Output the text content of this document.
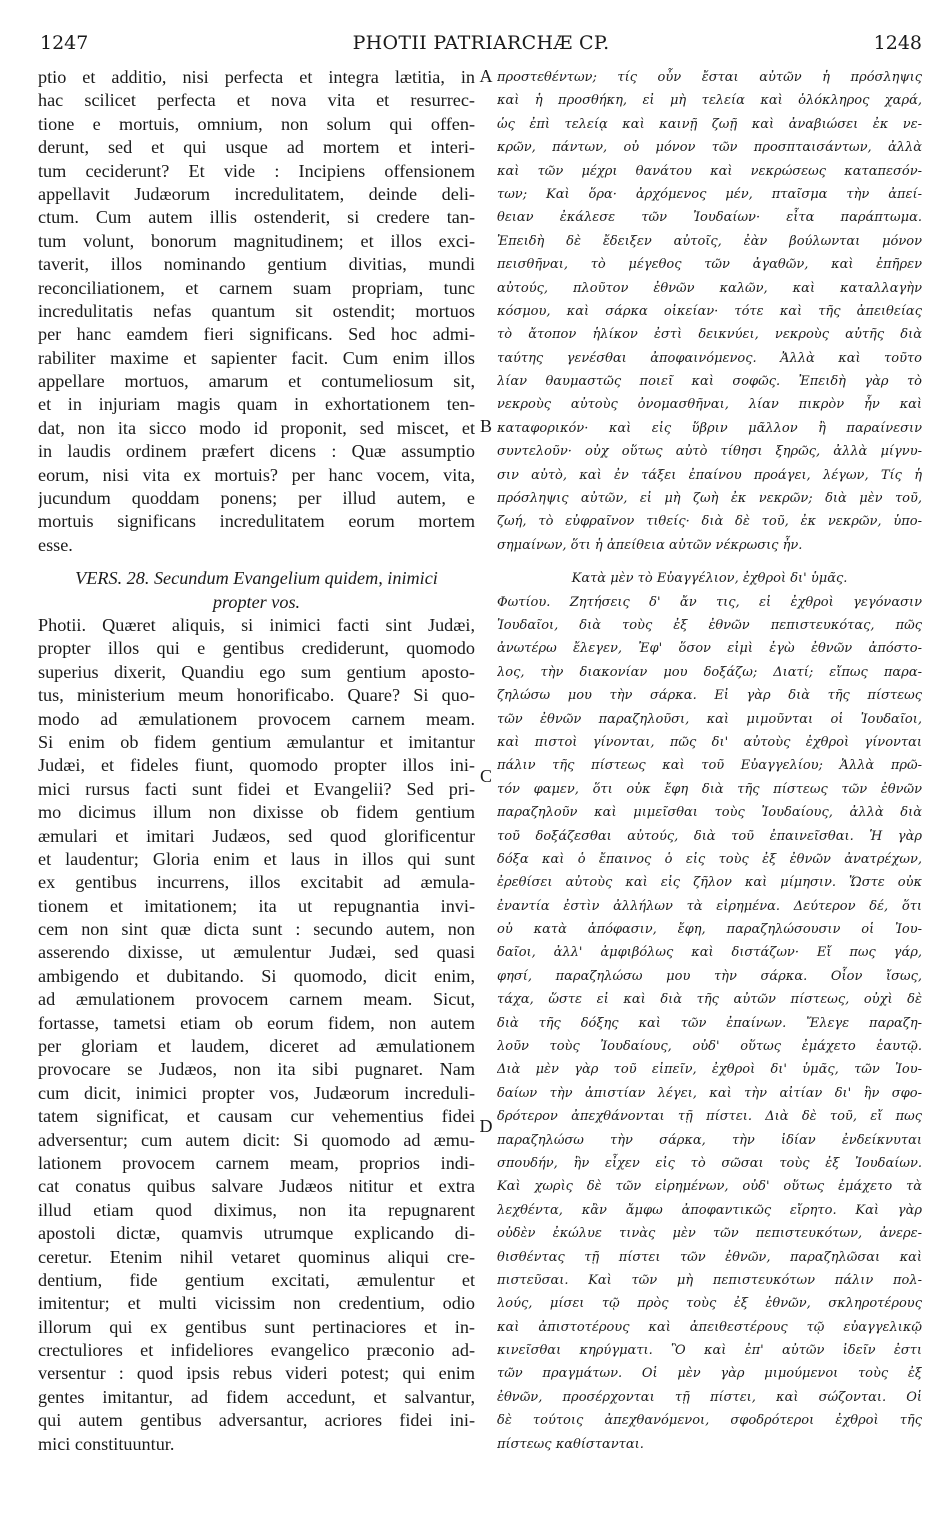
1247	PHOTII PATRIARCHÆ CP.	1248
ptio et additio, nisi perfecta et integra lætitia, in
hac scilicet perfecta et nova vita et resurrec-
tione e mortuis, omnium, non solum qui offen-
derunt, sed et qui usque ad mortem et interi-
tum ceciderunt? Et vide : Incipiens offensionem
appellavit Judæorum incredulitatem, deinde deli-
ctum. Cum autem illis ostenderit, si credere tan-
tum volunt, bonorum magnitudinem; et illos exci-
taverit, illos nominando gentium divitias, mundi
reconciliationem, et carnem suam propriam, tunc
incredulitatis nefas quantum sit ostendit; mortuos
per hanc eamdem fieri significans. Sed hoc admi-
rabiliter maxime et sapienter facit. Cum enim illos
appellare mortuos, amarum et contumeliosum sit,
et in injuriam magis quam in exhortationem ten-
dat, non ita sicco modo id proponit, sed miscet, et
in laudis ordinem præfert dicens : Quæ assumptio
eorum, nisi vita ex mortuis? per hanc vocem, vita,
jucundum quoddam ponens; per illud autem, e
mortuis significans incredulitatem eorum mortem
esse.
VERS. 28. Secundum Evangelium quidem, inimici
propter vos.
Photii. Quæret aliquis, si inimici facti sint Judæi,
propter illos qui e gentibus crediderunt, quomodo
superius dixerit, Quandiu ego sum gentium aposto-
tus, ministerium meum honorificabo. Quare? Si quo-
modo ad æmulationem provocem carnem meam.
Si enim ob fidem gentium æmulantur et imitantur
Judæi, et fideles fiunt, quomodo propter illos ini-
mici rursus facti sunt fidei et Evangelii? Sed pri-
mo dicimus illum non dixisse ob fidem gentium
æmulari et imitari Judæos, sed quod glorificentur
et laudentur; Gloria enim et laus in illos qui sunt
ex gentibus incurrens, illos excitabit ad æmula-
tionem et imitationem; ita ut repugnantia invi-
cem non sint quæ dicta sunt : secundo autem, non
asserendo dixisse, ut æmulentur Judæi, sed quasi
ambigendo et dubitando. Si quomodo, dicit enim,
ad æmulationem provocem carnem meam. Sicut,
fortasse, tametsi etiam ob eorum fidem, non autem
per gloriam et laudem, diceret ad æmulationem
provocare se Judæos, non ita sibi pugnaret. Nam
cum dicit, inimici propter vos, Judæorum increduli-
tatem significat, et causam cur vehementius fidei
adversentur; cum autem dicit: Si quomodo ad æmu-
lationem provocem carnem meam, proprios indi-
cat conatus quibus salvare Judæos nititur et extra
illud etiam quod diximus, non ita repugnarent
apostoli dictæ, quamvis utrumque explicando di-
ceretur. Etenim nihil vetaret quominus aliqui cre-
dentium, fide gentium excitati, æmulentur et
imitentur; et multi vicissim non credentium, odio
illorum qui ex gentibus sunt pertinaciores et in-
crectuliores et infideliores evangelico præconio ad-
versentur : quod ipsis rebus videri potest; qui enim
gentes imitantur, ad fidem accedunt, et salvantur,
qui autem gentibus adversantur, acriores fidei ini-
mici constituuntur.
προστεθέντων; τίς οὖν ἔσται αὐτῶν ἡ πρόσληψις
καὶ ἡ προσθήκη, εἰ μὴ τελεία καὶ ὁλόκληρος χαρά,
ὡς ἐπὶ τελείᾳ καὶ καινῇ ζωῇ καὶ ἀναβιώσει ἐκ νε-
κρῶν, πάντων, οὐ μόνον τῶν προσπταισάντων, ἀλλὰ
καὶ τῶν μέχρι θανάτου καὶ νεκρώσεως καταπεσόν-
των; Καὶ ὅρα· ἀρχόμενος μέν, πταῖσμα τὴν ἀπεί-
θειαν ἐκάλεσε τῶν Ἰουδαίων· εἶτα παράπτωμα.
Ἐπειδὴ δὲ ἔδειξεν αὐτοῖς, ἐὰν βούλωνται μόνον
πεισθῆναι, τὸ μέγεθος τῶν ἀγαθῶν, καὶ ἐπῆρεν
αὐτούς, πλοῦτον ἐθνῶν καλῶν, καὶ καταλλαγὴν
κόσμου, καὶ σάρκα οἰκείαν· τότε καὶ τῆς ἀπειθείας
τὸ ἄτοπον ἡλίκον ἐστὶ δεικνύει, νεκροὺς αὐτῆς διὰ
ταύτης γενέσθαι ἀποφαινόμενος. Ἀλλὰ καὶ τοῦτο
λίαν θαυμαστῶς ποιεῖ καὶ σοφῶς. Ἐπειδὴ γὰρ τὸ
νεκροὺς αὐτοὺς ὀνομασθῆναι, λίαν πικρὸν ἦν καὶ
καταφορικόν· καὶ εἰς ὕβριν μᾶλλον ἢ παραίνεσιν
συντελοῦν· οὐχ οὕτως αὐτὸ τίθησι ξηρῶς, ἀλλὰ μίγνυ-
σιν αὐτὸ, καὶ ἐν τάξει ἐπαίνου προάγει, λέγων, Τίς ἡ
πρόσληψις αὐτῶν, εἰ μὴ ζωὴ ἐκ νεκρῶν; διὰ μὲν τοῦ,
ζωή, τὸ εὐφραῖνον τιθείς· διὰ δὲ τοῦ, ἐκ νεκρῶν, ὑπο-
σημαίνων, ὅτι ἡ ἀπείθεια αὐτῶν νέκρωσις ἦν.
Κατὰ μὲν τὸ Εὐαγγέλιον, ἐχθροὶ δι' ὑμᾶς.
Φωτίου. Ζητήσεις δ' ἄν τις, εἰ ἐχθροὶ γεγόνασιν
Ἰουδαῖοι, διὰ τοὺς ἐξ ἐθνῶν πεπιστευκότας, πῶς
ἀνωτέρω ἔλεγεν, Ἐφ' ὅσον εἰμὶ ἐγὼ ἐθνῶν ἀπόστο-
λος, τὴν διακονίαν μου δοξάζω; Διατί; εἴπως παρα-
ζηλώσω μου τὴν σάρκα. Εἰ γὰρ διὰ τῆς πίστεως
τῶν ἐθνῶν παραζηλοῦσι, καὶ μιμοῦνται οἱ Ἰουδαῖοι,
καὶ πιστοὶ γίνονται, πῶς δι' αὐτοὺς ἐχθροὶ γίνονται
πάλιν τῆς πίστεως καὶ τοῦ Εὐαγγελίου; Ἀλλὰ πρῶ-
τόν φαμεν, ὅτι οὐκ ἔφη διὰ τῆς πίστεως τῶν ἐθνῶν
παραζηλοῦν καὶ μιμεῖσθαι τοὺς Ἰουδαίους, ἀλλὰ διὰ
τοῦ δοξάζεσθαι αὐτούς, διὰ τοῦ ἐπαινεῖσθαι. Ἡ γὰρ
δόξα καὶ ὁ ἔπαινος ὁ εἰς τοὺς ἐξ ἐθνῶν ἀνατρέχων,
ἐρεθίσει αὐτοὺς καὶ εἰς ζῆλον καὶ μίμησιν. Ὥστε οὐκ
ἐναντία ἐστὶν ἀλλήλων τὰ εἰρημένα. Δεύτερον δέ, ὅτι
οὐ κατὰ ἀπόφασιν, ἔφη, παραζηλώσουσιν οἱ Ἰου-
δαῖοι, ἀλλ' ἀμφιβόλως καὶ διστάζων· Εἴ πως γάρ,
φησί, παραζηλώσω μου τὴν σάρκα. Οἷον ἴσως,
τάχα, ὥστε εἰ καὶ διὰ τῆς αὐτῶν πίστεως, οὐχὶ δὲ
διὰ τῆς δόξης καὶ τῶν ἐπαίνων. Ἔλεγε παραζη-
λοῦν τοὺς Ἰουδαίους, οὐδ' οὕτως ἐμάχετο ἑαυτῷ.
Διὰ μὲν γὰρ τοῦ εἰπεῖν, ἐχθροὶ δι' ὑμᾶς, τῶν Ἰου-
δαίων τὴν ἀπιστίαν λέγει, καὶ τὴν αἰτίαν δι' ἣν σφο-
δρότερον ἀπεχθάνονται τῇ πίστει. Διὰ δὲ τοῦ, εἴ πως
παραζηλώσω τὴν σάρκα, τὴν ἰδίαν ἐνδείκνυται
σπουδήν, ἣν εἶχεν εἰς τὸ σῶσαι τοὺς ἐξ Ἰουδαίων.
Καὶ χωρὶς δὲ τῶν εἰρημένων, οὐδ' οὕτως ἐμάχετο τὰ
λεχθέντα, κἂν ἄμφω ἀποφαντικῶς εἴρητο. Καὶ γὰρ
οὐδὲν ἐκώλυε τινὰς μὲν τῶν πεπιστευκότων, ἀνερε-
θισθέντας τῇ πίστει τῶν ἐθνῶν, παραζηλῶσαι καὶ
πιστεῦσαι. Καὶ τῶν μὴ πεπιστευκότων πάλιν πολ-
λούς, μίσει τῷ πρὸς τοὺς ἐξ ἐθνῶν, σκληροτέρους
καὶ ἀπιστοτέρους καὶ ἀπειθεστέρους τῷ εὐαγγελικῷ
κινεῖσθαι κηρύγματι. Ὃ καὶ ἐπ' αὐτῶν ἰδεῖν ἐστι
τῶν πραγμάτων. Οἱ μὲν γὰρ μιμούμενοι τοὺς ἐξ
ἐθνῶν, προσέρχονται τῇ πίστει, καὶ σώζονται. Οἱ
δὲ τούτοις ἀπεχθανόμενοι, σφοδρότεροι ἐχθροὶ τῆς
πίστεως καθίστανται.
A
B
C
D
